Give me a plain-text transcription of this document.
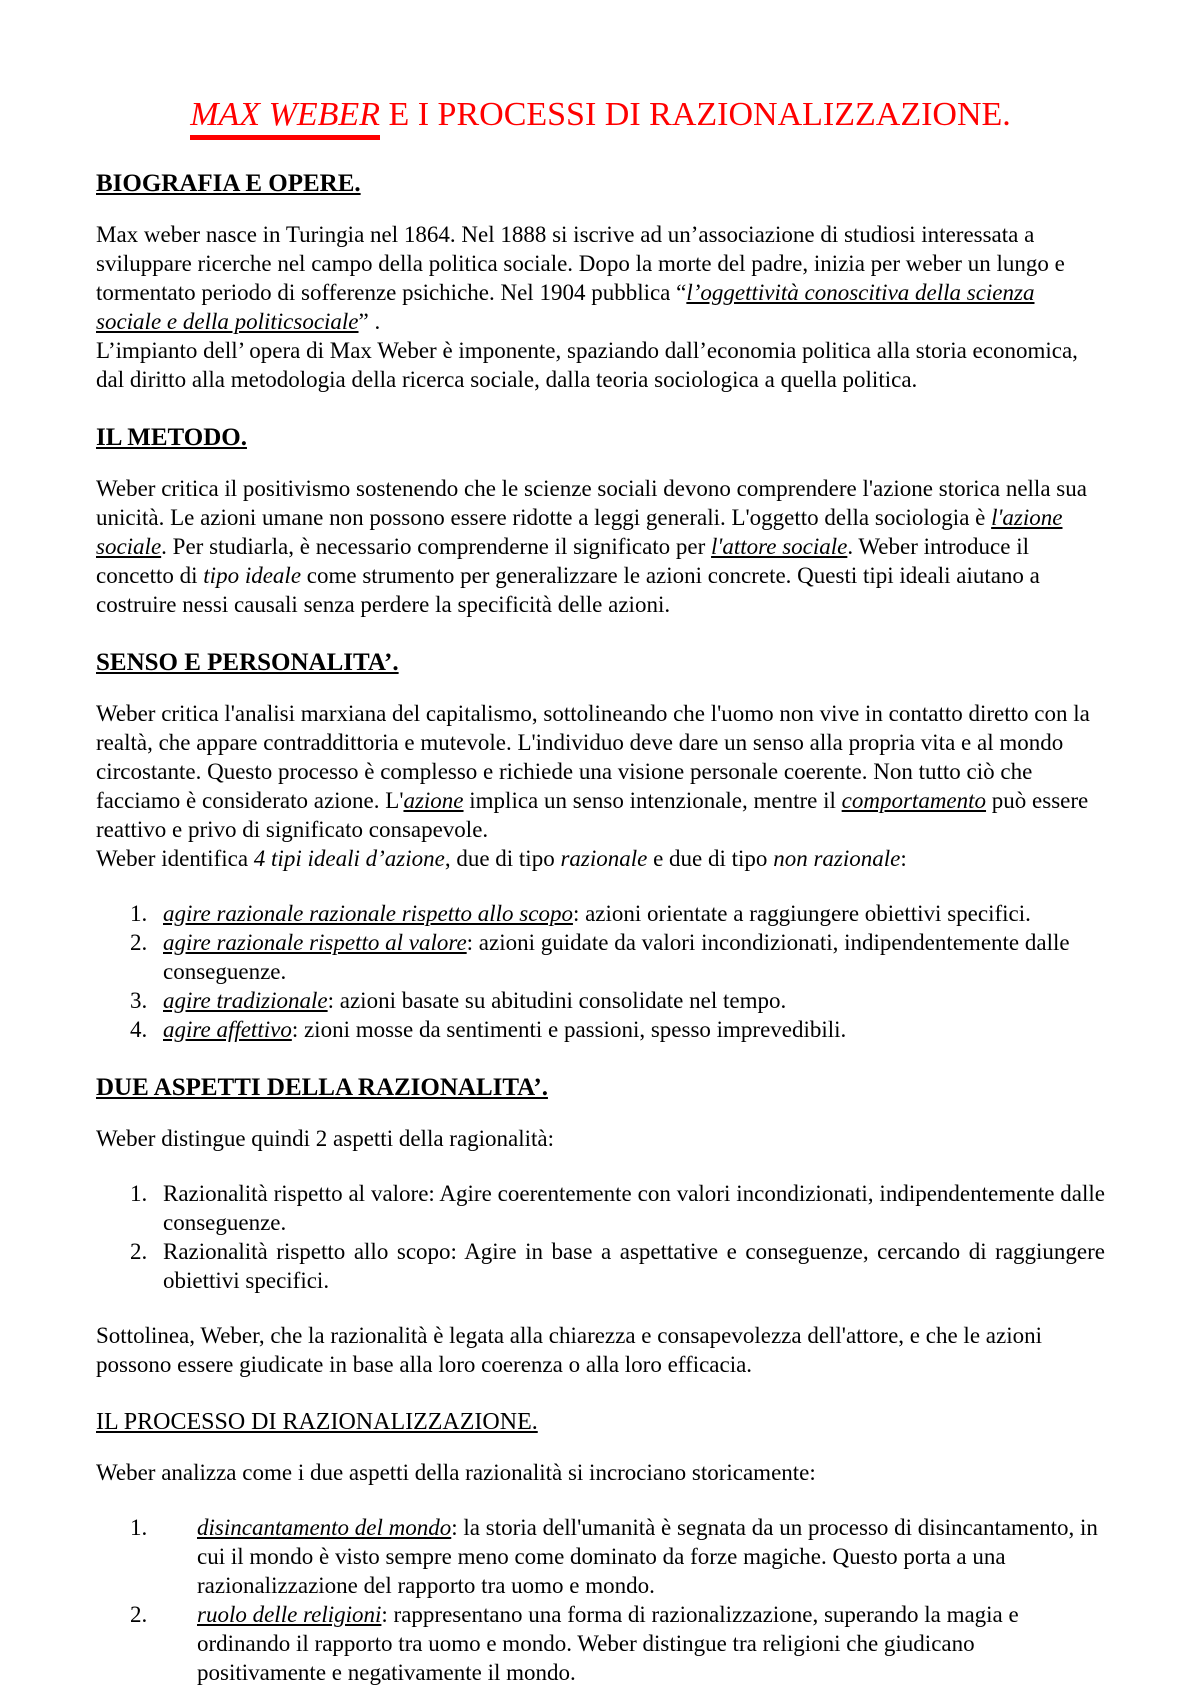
MAX WEBER E I PROCESSI DI RAZIONALIZZAZIONE.
BIOGRAFIA E OPERE.

Max weber nasce in Turingia nel 1864. Nel 1888 si iscrive ad un’associazione di studiosi interessata a sviluppare ricerche nel campo della politica sociale. Dopo la morte del padre, inizia per weber un lungo e tormentato periodo di sofferenze psichiche. Nel 1904 pubblica “l’oggettività conoscitiva della scienza sociale e della politicsociale” .
L’impianto dell’ opera di Max Weber è imponente, spaziando dall’economia politica alla storia economica, dal diritto alla metodologia della ricerca sociale, dalla teoria sociologica a quella politica.

IL METODO.

Weber critica il positivismo sostenendo che le scienze sociali devono comprendere l'azione storica nella sua unicità. Le azioni umane non possono essere ridotte a leggi generali. L'oggetto della sociologia è l'azione sociale. Per studiarla, è necessario comprenderne il significato per l'attore sociale. Weber introduce il concetto di tipo ideale come strumento per generalizzare le azioni concrete. Questi tipi ideali aiutano a costruire nessi causali senza perdere la specificità delle azioni.

SENSO E PERSONALITA’.

Weber critica l'analisi marxiana del capitalismo, sottolineando che l'uomo non vive in contatto diretto con la realtà, che appare contraddittoria e mutevole. L'individuo deve dare un senso alla propria vita e al mondo circostante. Questo processo è complesso e richiede una visione personale coerente. Non tutto ciò che facciamo è considerato azione. L'azione implica un senso intenzionale, mentre il comportamento può essere reattivo e privo di significato consapevole.
Weber identifica 4 tipi ideali d’azione, due di tipo razionale e due di tipo non razionale:

1. agire razionale razionale rispetto allo scopo: azioni orientate a raggiungere obiettivi specifici.
2. agire razionale rispetto al valore: azioni guidate da valori incondizionati, indipendentemente dalle conseguenze.
3. agire tradizionale: azioni basate su abitudini consolidate nel tempo.
4. agire affettivo: zioni mosse da sentimenti e passioni, spesso imprevedibili.
DUE ASPETTI DELLA RAZIONALITA’.

Weber distingue quindi 2 aspetti della ragionalità:

1. Razionalità rispetto al valore: Agire coerentemente con valori incondizionati, indipendentemente dalle conseguenze.
2. Razionalità rispetto allo scopo: Agire in base a aspettative e conseguenze, cercando di raggiungere obiettivi specifici.

Sottolinea, Weber, che la razionalità è legata alla chiarezza e consapevolezza dell'attore, e che le azioni possono essere giudicate in base alla loro coerenza o alla loro efficacia.

IL PROCESSO DI RAZIONALIZZAZIONE.

Weber analizza come i due aspetti della razionalità si incrociano storicamente:

1.	disincantamento del mondo: la storia dell'umanità è segnata da un processo di disincantamento, in cui il mondo è visto sempre meno come dominato da forze magiche. Questo porta a una razionalizzazione del rapporto tra uomo e mondo.
2.	ruolo delle religioni: rappresentano una forma di razionalizzazione, superando la magia e ordinando il rapporto tra uomo e mondo. Weber distingue tra religioni che giudicano positivamente e negativamente il mondo.
